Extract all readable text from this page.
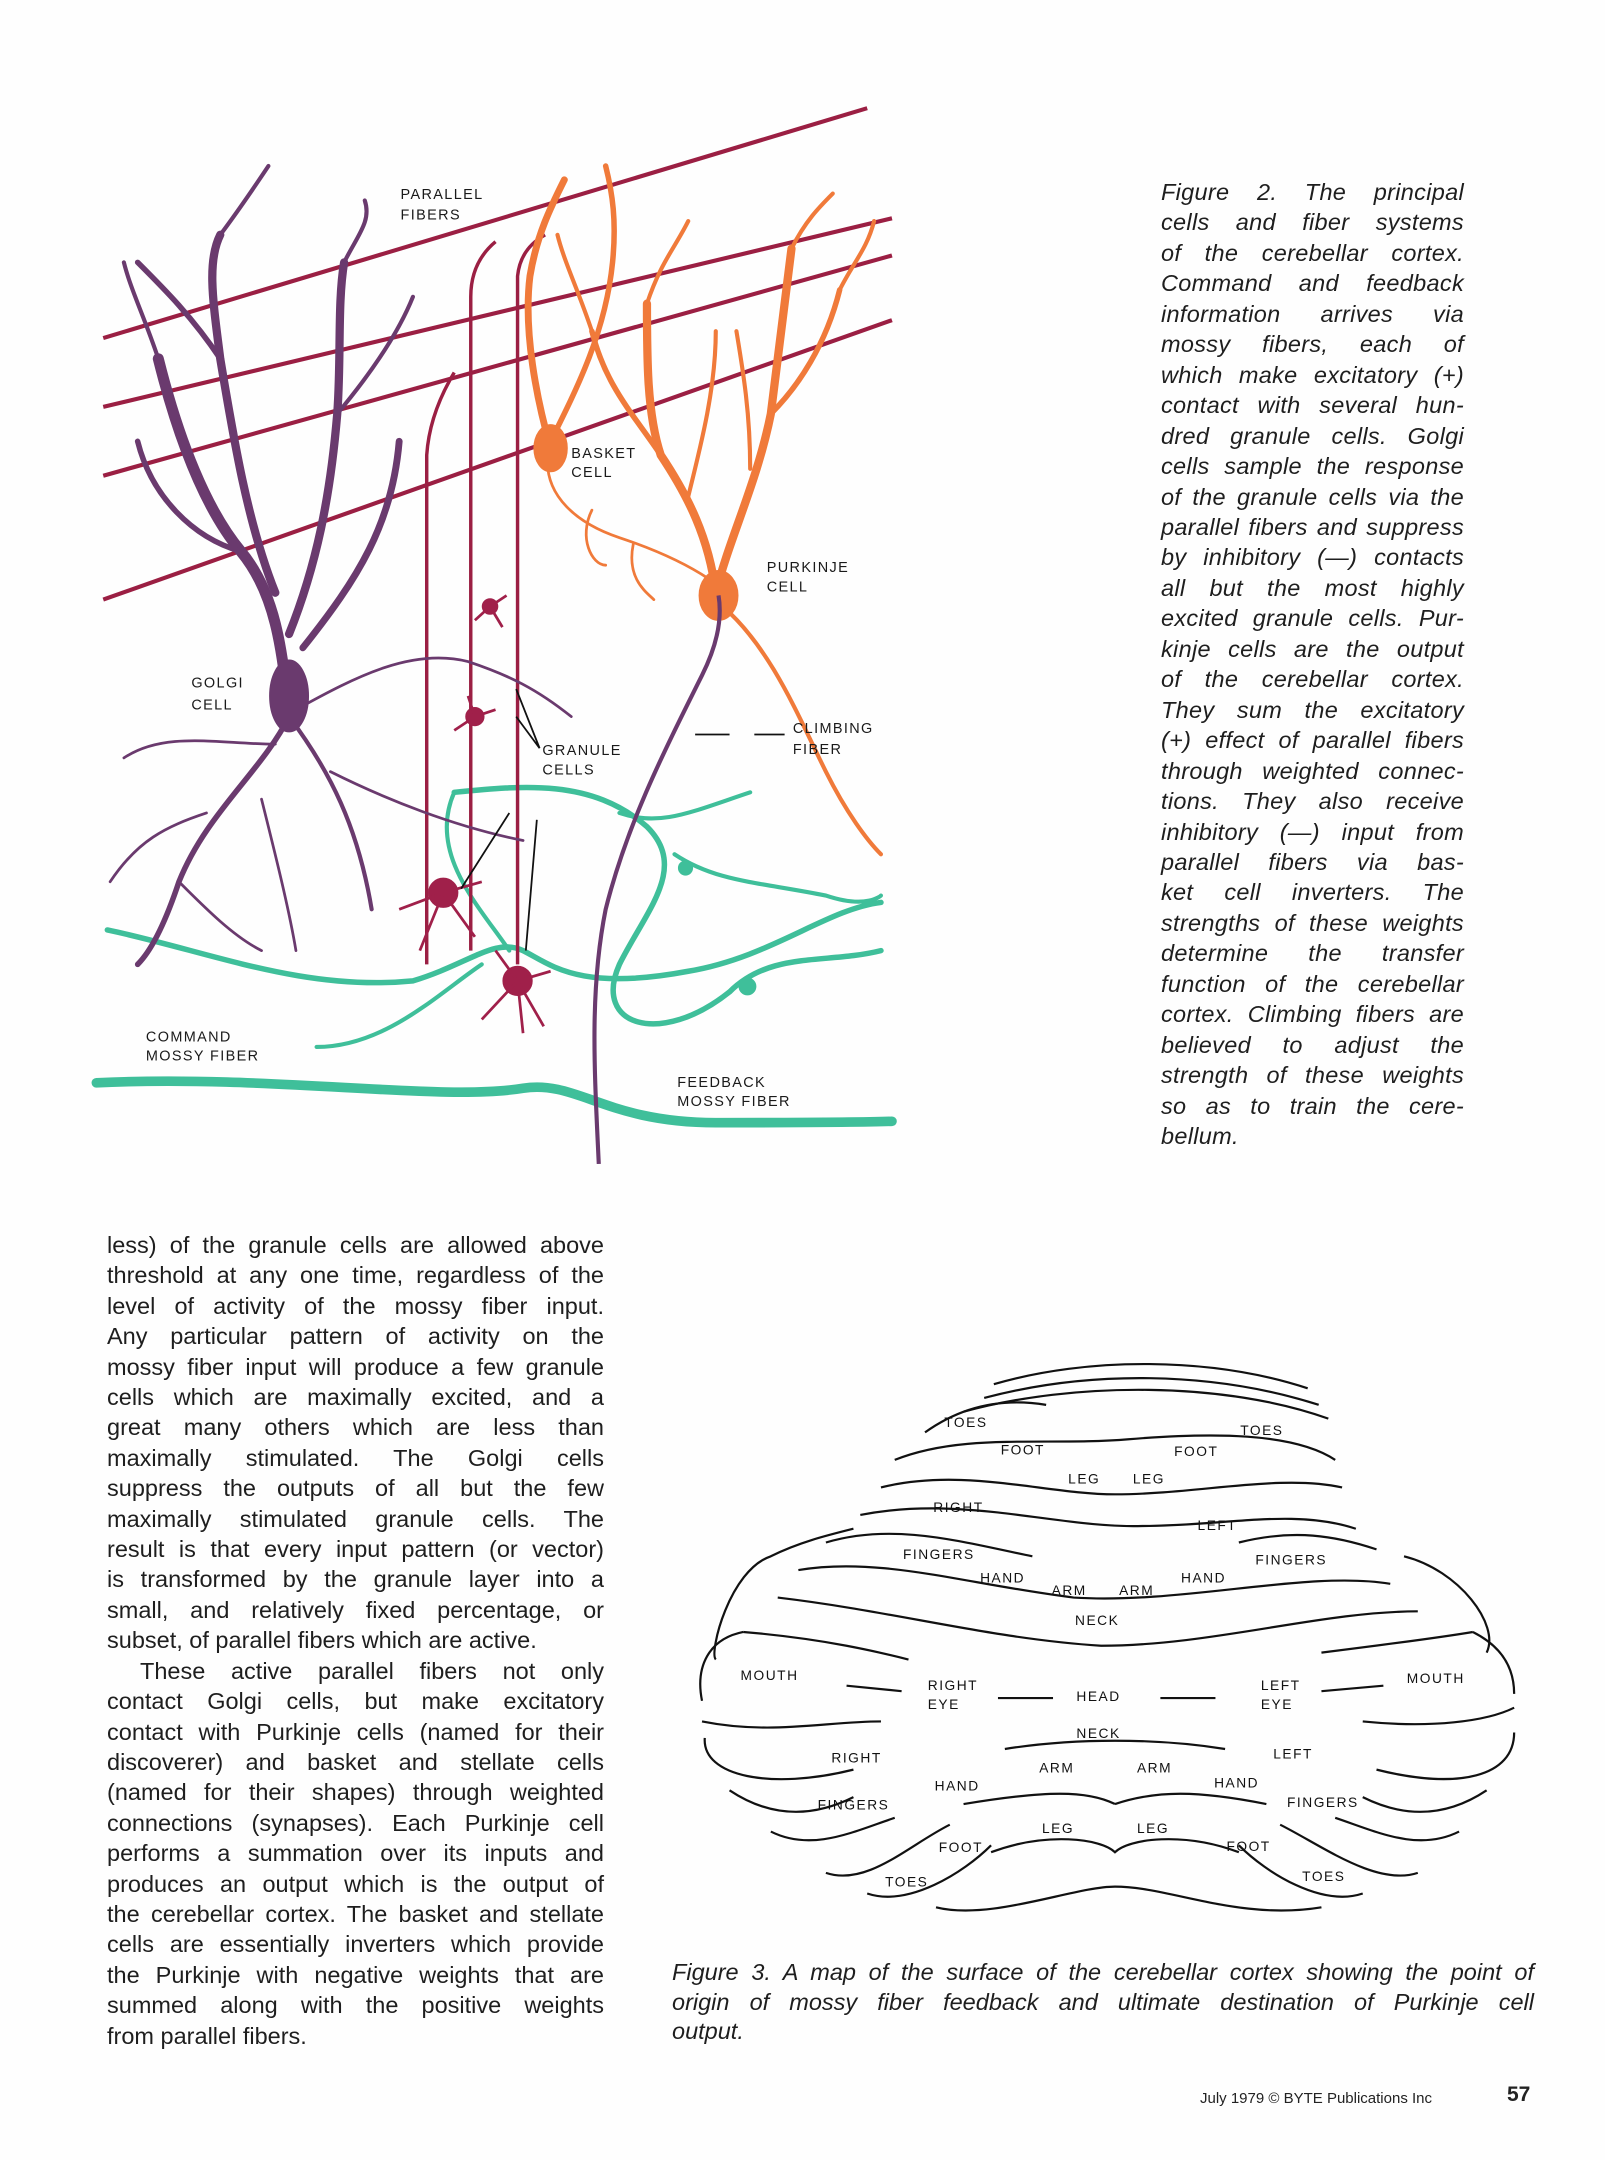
PARALLEL FIBERS
BASKET CELL
PURKINJE CELL
GOLGI CELL
GRANULE CELLS
CLIMBING FIBER
COMMAND MOSSY FIBER
FEEDBACK MOSSY FIBER
TOES
FOOT
LEG	LEG
FOOT
TOES
RIGHT
LEFT
FINGERS
HAND
ARM	ARM
HAND
FINGERS
NECK
MOUTH
RIGHT
EYE
HEAD
LEFT
EYE
MOUTH
NECK
RIGHT
ARM	ARM
LEFT
HAND	HAND
FINGERS	FINGERS
LEG	LEG
FOOT	FOOT
TOES	TOES
Figure 2. The principal
cells and fiber systems
of the cerebellar cortex.
Command and feedback
information arrives via
mossy fibers, each of
which make excitatory (+)
contact with several hun-
dred granule cells. Golgi
cells sample the response
of the granule cells via the
parallel fibers and suppress
by inhibitory (—) contacts
all but the most highly
excited granule cells. Pur-
kinje cells are the output
of the cerebellar cortex.
They sum the excitatory
(+) effect of parallel fibers
through weighted connec-
tions. They also receive
inhibitory (—) input from
parallel fibers via bas-
ket cell inverters. The
strengths of these weights
determine the transfer
function of the cerebellar
cortex. Climbing fibers are
believed to adjust the
strength of these weights
so as to train the cere-
bellum.
less) of the granule cells are allowed above
threshold at any one time, regardless of the
level of activity of the mossy fiber input.
Any particular pattern of activity on the
mossy fiber input will produce a few granule
cells which are maximally excited, and a
great many others which are less than
maximally stimulated. The Golgi cells
suppress the outputs of all but the few
maximally stimulated granule cells. The
result is that every input pattern (or vector)
is transformed by the granule layer into a
small, and relatively fixed percentage, or
subset, of parallel fibers which are active.
These active parallel fibers not only
contact Golgi cells, but make excitatory
contact with Purkinje cells (named for their
discoverer) and basket and stellate cells
(named for their shapes) through weighted
connections (synapses). Each Purkinje cell
performs a summation over its inputs and
produces an output which is the output of
the cerebellar cortex. The basket and stellate
cells are essentially inverters which provide
the Purkinje with negative weights that are
summed along with the positive weights
from parallel fibers.
Figure 3. A map of the surface of the cerebellar cortex showing the point of
origin of mossy fiber feedback and ultimate destination of Purkinje cell
output.
July 1979 © BYTE Publications Inc	57
